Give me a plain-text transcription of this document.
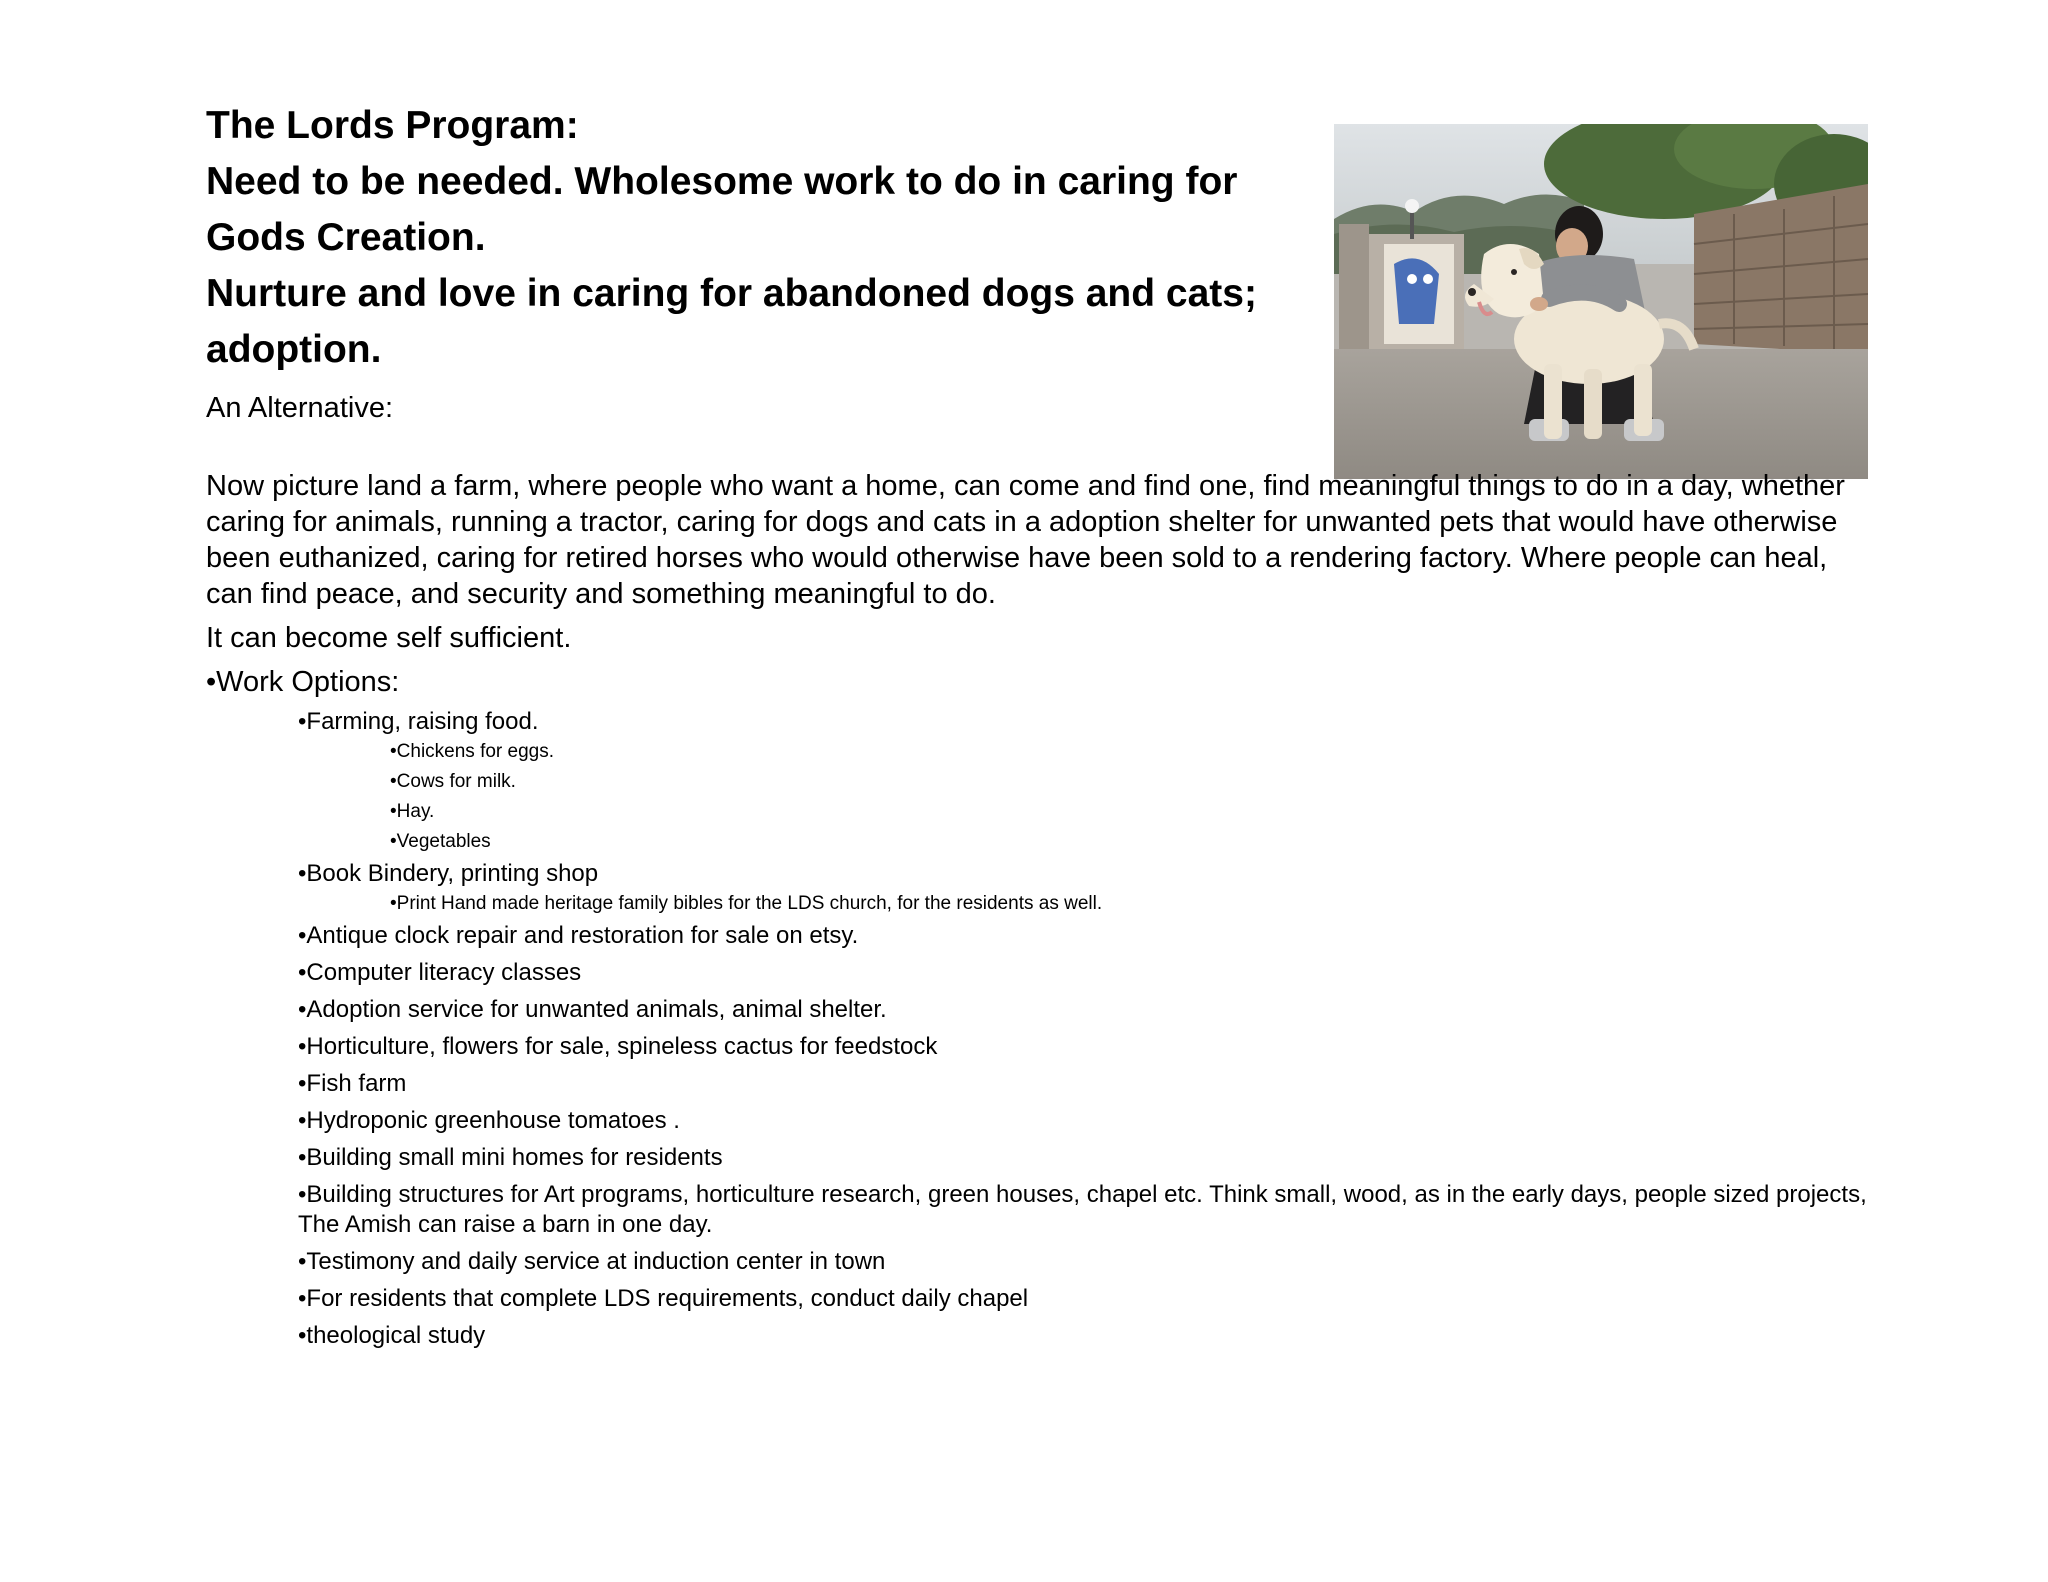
The Lords Program:
Need to be needed. Wholesome work to do in caring for Gods Creation.
Nurture and love in caring for abandoned dogs and cats; adoption.
An Alternative:
Now picture land a farm, where people who want a home, can come and find one, find meaningful things to do in a day, whether caring for animals, running a tractor, caring for dogs and cats in a adoption shelter for unwanted pets that would have otherwise been euthanized, caring for retired horses who would otherwise have been sold to a rendering factory. Where people can heal, can find peace, and security and something meaningful to do.
It can become self sufficient.
•Work Options:
•Farming, raising food.
•Chickens for eggs.
•Cows for milk.
•Hay.
•Vegetables
•Book Bindery, printing shop
•Print Hand made heritage family bibles for the LDS church, for the residents as well.
•Antique clock repair and restoration for sale on etsy.
•Computer literacy classes
•Adoption service for unwanted animals, animal shelter.
•Horticulture, flowers for sale, spineless cactus for feedstock
•Fish farm
•Hydroponic greenhouse tomatoes .
•Building small mini homes for residents
•Building structures for Art programs, horticulture research, green houses, chapel etc. Think small, wood, as in the early days, people sized projects, The Amish can raise a barn in one day.
•Testimony and daily service at induction center in town
•For residents that complete LDS requirements, conduct daily chapel
•theological study
